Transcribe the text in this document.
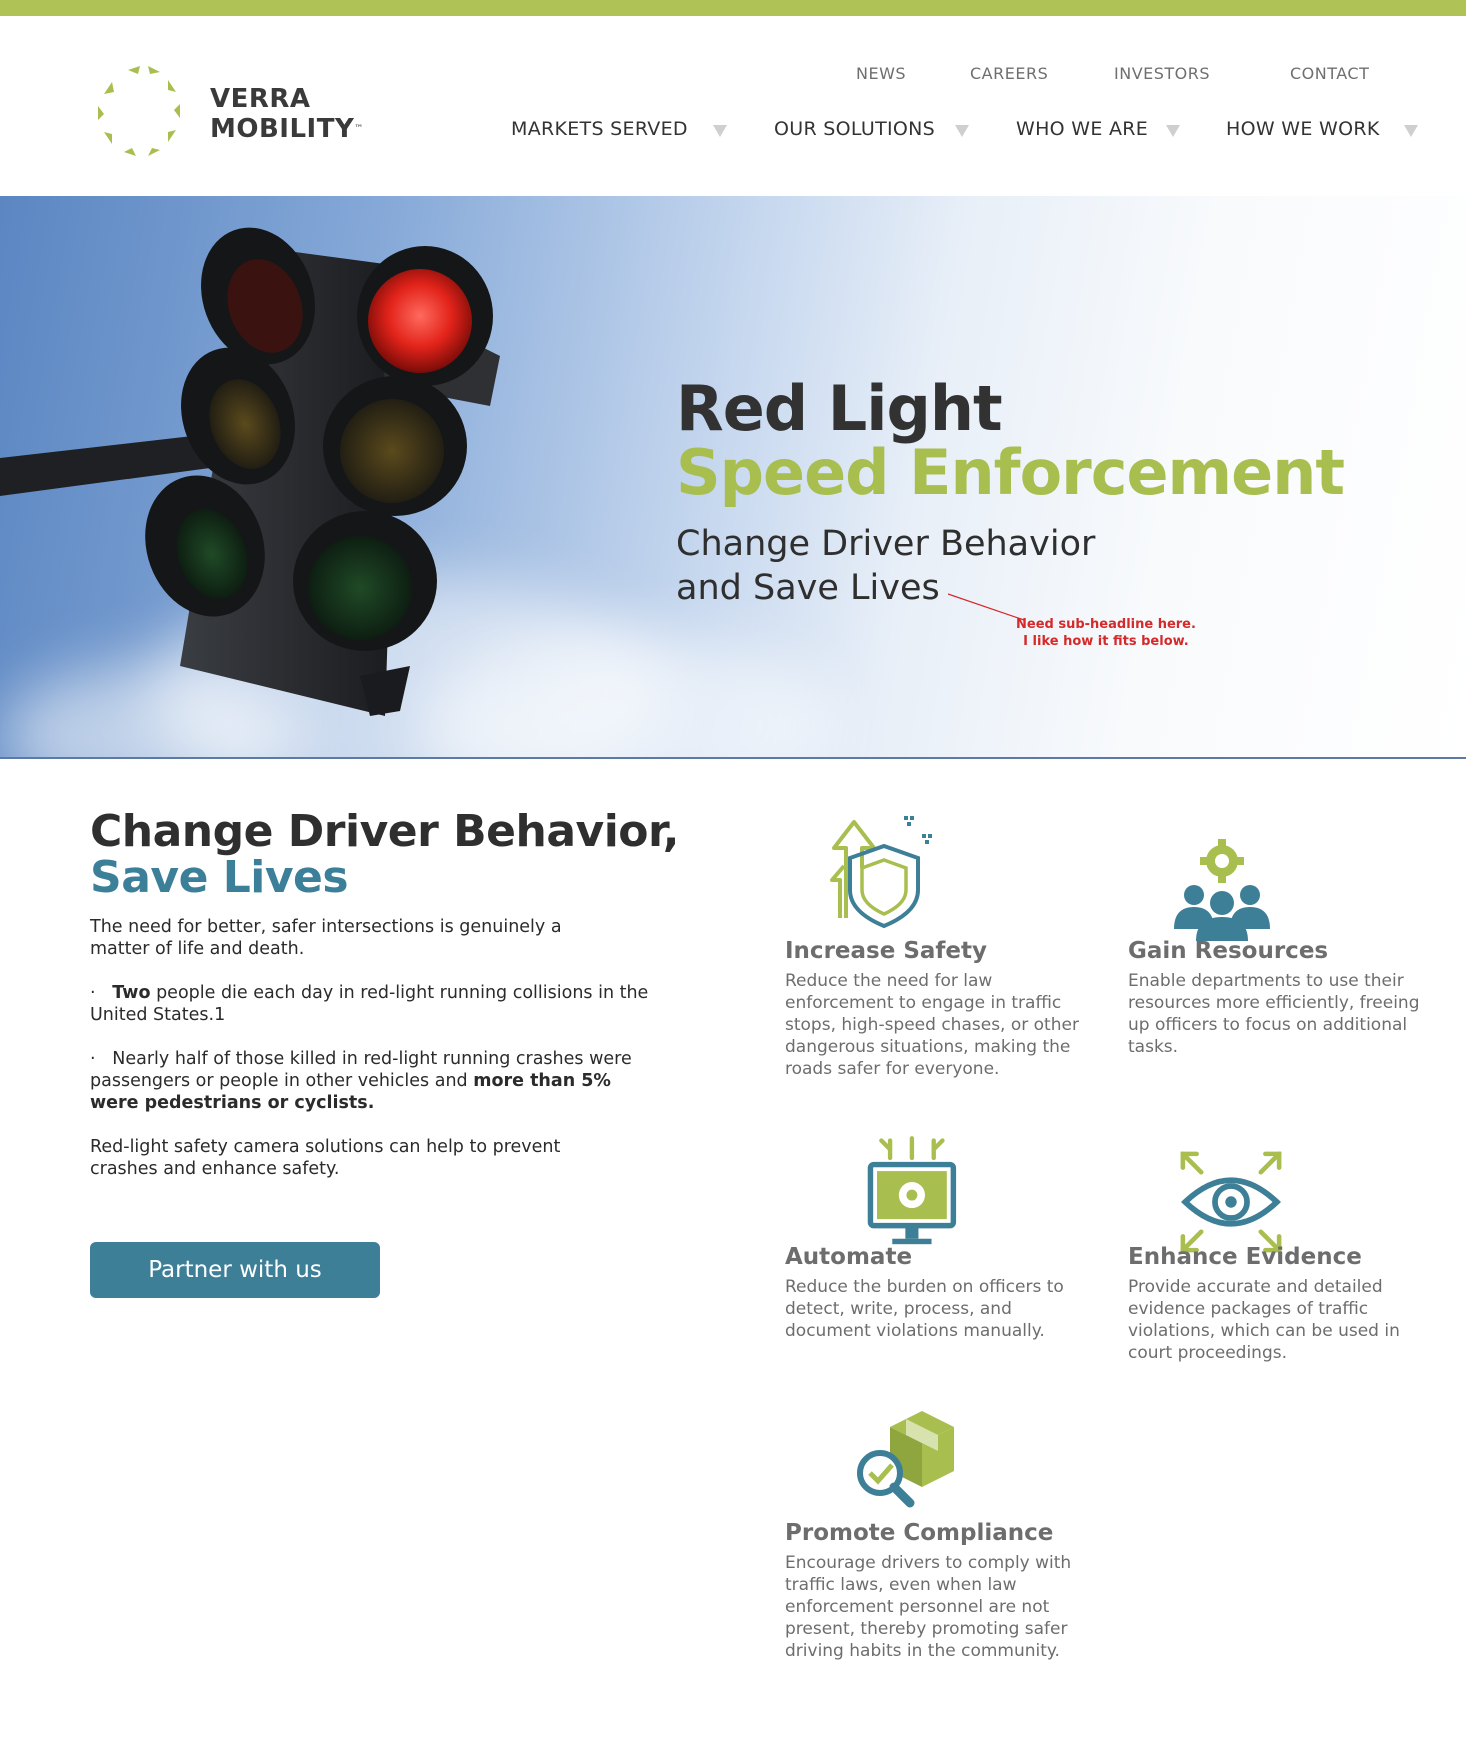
VERRA
MOBILITY™
NEWS	CAREERS	INVESTORS	CONTACT
MARKETS SERVED	OUR SOLUTIONS	WHO WE ARE	HOW WE WORK
Red Light
Speed Enforcement
Change Driver Behavior
and Save Lives
Need sub-headline here.
I like how it fits below.
Change Driver Behavior,
Save Lives
The need for better, safer intersections is genuinely a matter of life and death.
· Two people die each day in red-light running collisions in the United States.1
· Nearly half of those killed in red-light running crashes were passengers or people in other vehicles and more than 5% were pedestrians or cyclists.
Red-light safety camera solutions can help to prevent crashes and enhance safety.
Partner with us
Increase Safety
Reduce the need for law enforcement to engage in traffic stops, high-speed chases, or other dangerous situations, making the roads safer for everyone.
Gain Resources
Enable departments to use their resources more efficiently, freeing up officers to focus on additional tasks.
Automate
Reduce the burden on officers to detect, write, process, and document violations manually.
Enhance Evidence
Provide accurate and detailed evidence packages of traffic violations, which can be used in court proceedings.
Promote Compliance
Encourage drivers to comply with traffic laws, even when law enforcement personnel are not present, thereby promoting safer driving habits in the community.
